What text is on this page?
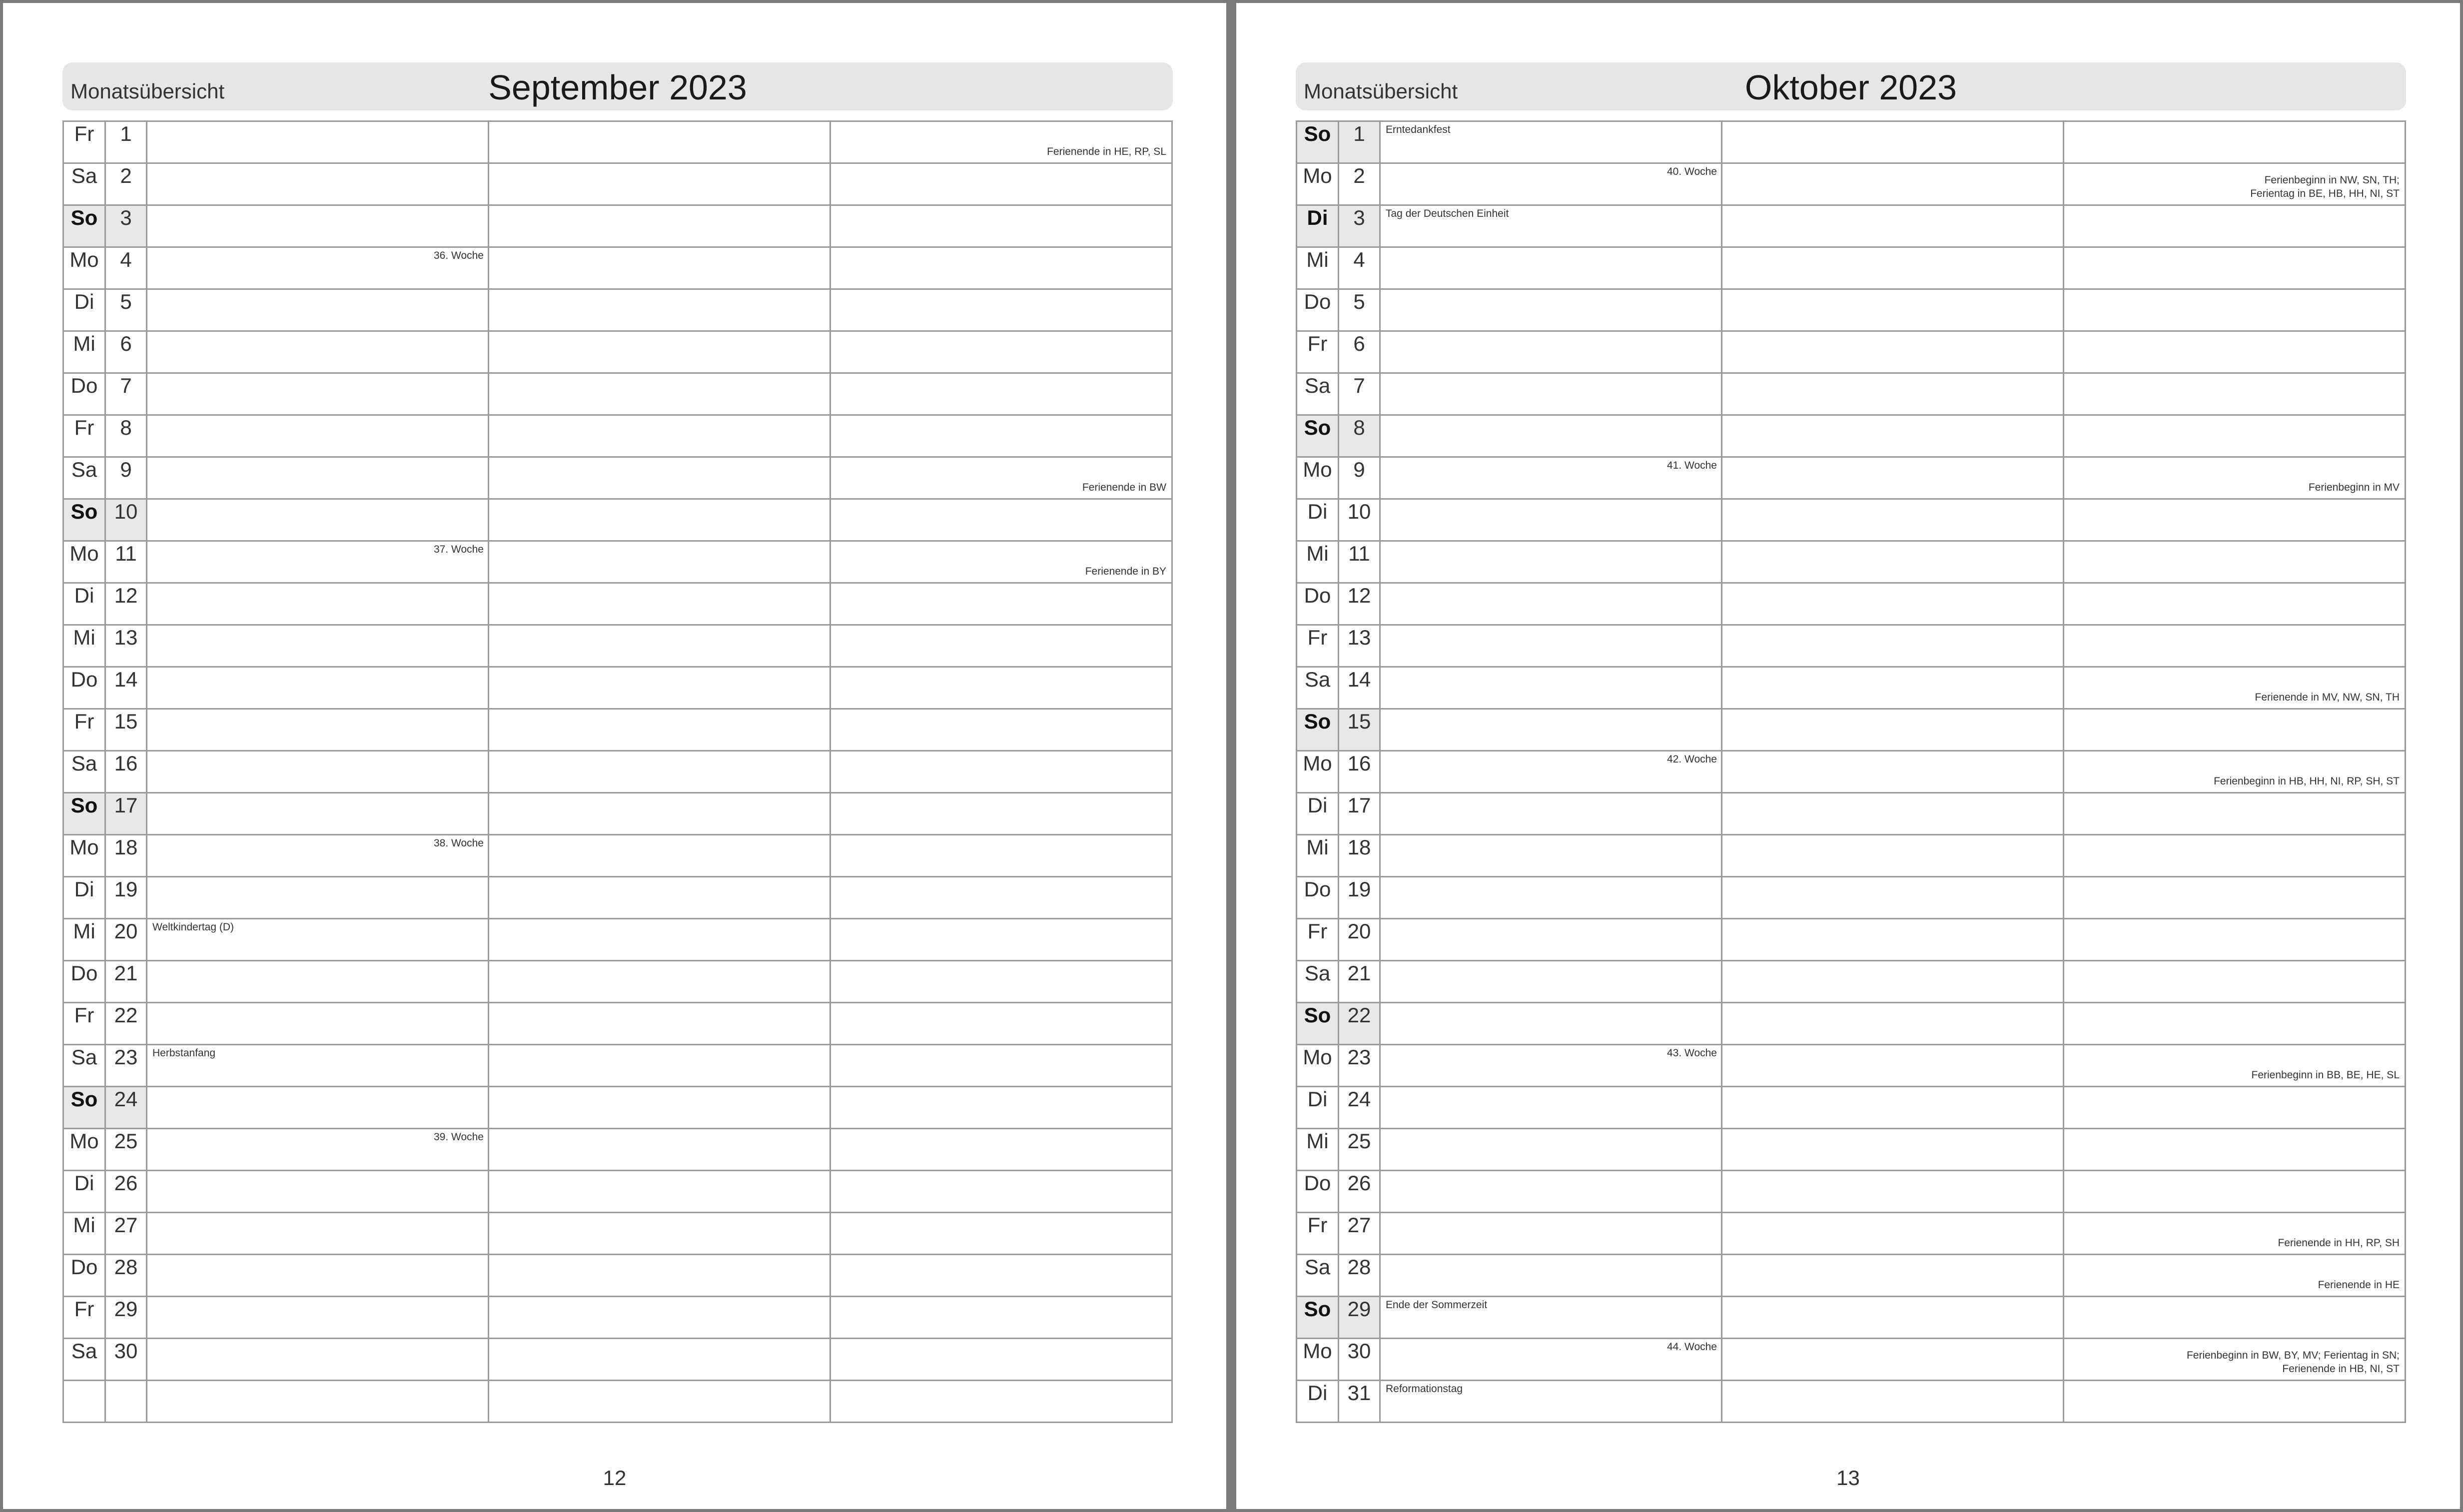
Monatsübersicht	September 2023
Fr	1			Ferienende in HE, RP, SL

Sa	2			
So	3			
Mo	4	36. Woche		

Di	5			
Mi	6			
Do	7			
Fr	8			
Sa	9			Ferienende in BW

So	10			
Mo	11	37. Woche		Ferienende in BY

Di	12			
Mi	13			
Do	14			
Fr	15			
Sa	16			
So	17			
Mo	18	38. Woche		

Di	19			
Mi	20	Weltkindertag (D)		

Do	21			
Fr	22			
Sa	23	Herbstanfang		

So	24			
Mo	25	39. Woche		

Di	26			
Mi	27			
Do	28			
Fr	29			
Sa	30			

12
Monatsübersicht	Oktober 2023
So	1	Erntedankfest		

Mo	2	40. Woche		Ferienbeginn in NW, SN, TH;
Ferientag in BE, HB, HH, NI, ST

Di	3	Tag der Deutschen Einheit		

Mi	4			
Do	5			
Fr	6			
Sa	7			
So	8			
Mo	9	41. Woche		Ferienbeginn in MV

Di	10			
Mi	11			
Do	12			
Fr	13			
Sa	14			Ferienende in MV, NW, SN, TH

So	15			
Mo	16	42. Woche		Ferienbeginn in HB, HH, NI, RP, SH, ST

Di	17			
Mi	18			
Do	19			
Fr	20			
Sa	21			
So	22			
Mo	23	43. Woche		Ferienbeginn in BB, BE, HE, SL

Di	24			
Mi	25			
Do	26			
Fr	27			Ferienende in HH, RP, SH

Sa	28			Ferienende in HE

So	29	Ende der Sommerzeit		

Mo	30	44. Woche		Ferienbeginn in BW, BY, MV; Ferientag in SN;
Ferienende in HB, NI, ST

Di	31	Reformationstag		

13
